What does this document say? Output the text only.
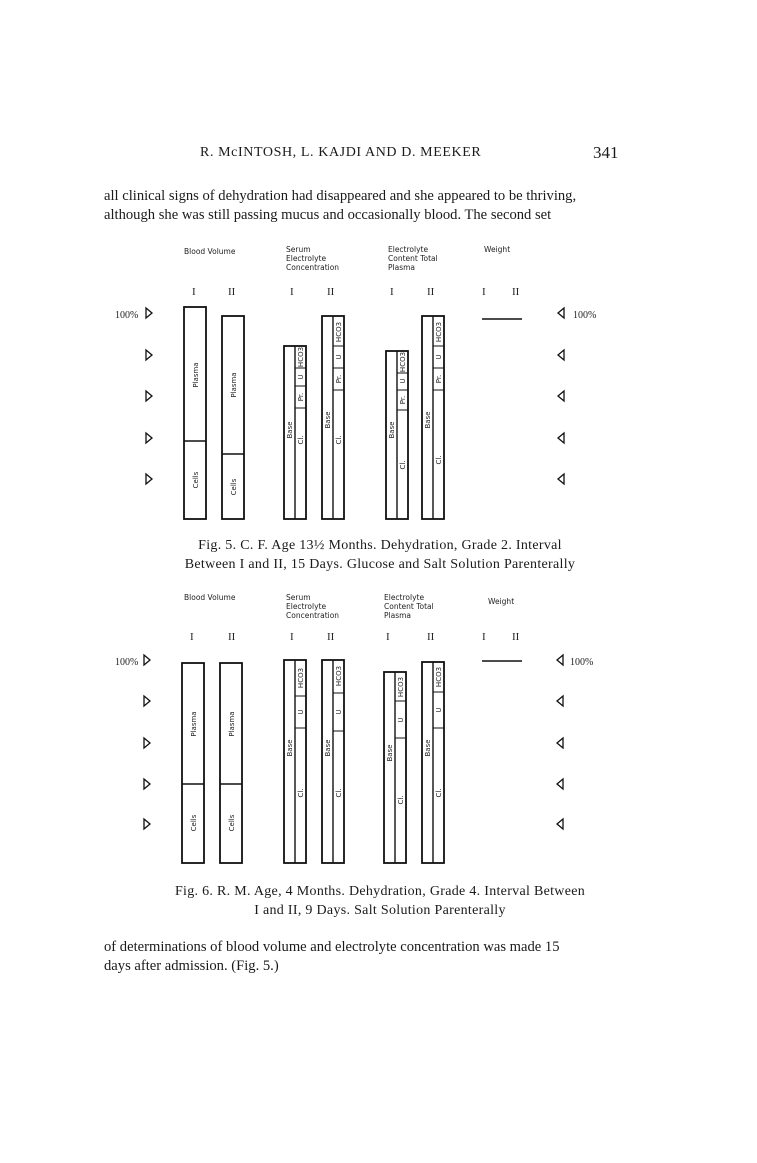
R. McINTOSH, L. KAJDI AND D. MEEKER	341
all clinical signs of dehydration had disappeared and she appeared to be thriving,
although she was still passing mucus and occasionally blood. The second set
Blood Volume	Serum
Electrolyte
Concentration
Electrolyte
Content Total
Plasma
Weight
I	II	I	II	I	II	I II
100%	100%
Plasma
Cells
Plasma
Cells
Base
HCO3
U
Pr.
Cl.
Base
HCO3
U
Pr.
Cl.
Base
HCO3
U
Pr.
Cl.
Base
HCO3
U
Pr.
Cl.
Fig. 5. C. F. Age 13½ Months. Dehydration, Grade 2. Interval
Between I and II, 15 Days. Glucose and Salt Solution Parenterally
Blood Volume	Serum
Electrolyte
Concentration
Electrolyte
Content Total
Plasma
Weight
I	II	I	II	I	II	I II
100%	100%
Plasma
Cells
Plasma
Cells
Base
HCO3
U
Cl.
Base
HCO3
U
Cl.
Base
HCO3
U
Cl.
Base
HCO3
U
Cl.
Fig. 6. R. M. Age, 4 Months. Dehydration, Grade 4. Interval Between
I and II, 9 Days. Salt Solution Parenterally
of determinations of blood volume and electrolyte concentration was made 15
days after admission. (Fig. 5.)
